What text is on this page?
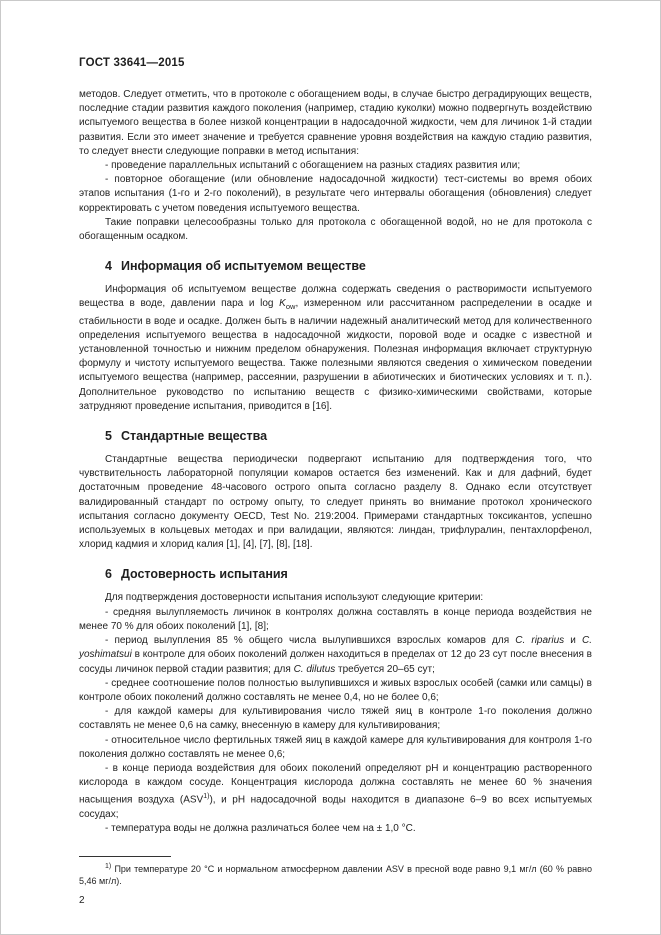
ГОСТ 33641—2015

методов. Следует отметить, что в протоколе с обогащением воды, в случае быстро деградирующих веществ, последние стадии развития каждого поколения (например, стадию куколки) можно подвергнуть воздействию испытуемого вещества в более низкой концентрации в надосадочной жидкости, чем для личинок 1-й стадии развития. Если это имеет значение и требуется сравнение уровня воздействия на каждую стадию развития, то следует внести следующие поправки в метод испытания:

- проведение параллельных испытаний с обогащением на разных стадиях развития или;

- повторное обогащение (или обновление надосадочной жидкости) тест-системы во время обоих этапов испытания (1-го и 2-го поколений), в результате чего интервалы обогащения (обновления) следует корректировать с учетом поведения испытуемого вещества.

Такие поправки целесообразны только для протокола с обогащенной водой, но не для протокола с обогащенным осадком.

4 Информация об испытуемом веществе

Информация об испытуемом веществе должна содержать сведения о растворимости испытуемого вещества в воде, давлении пара и $\log K_{ow}$, измеренном или рассчитанном распределении в осадке и стабильности в воде и осадке. Должен быть в наличии надежный аналитический метод для количественного определения испытуемого вещества в надосадочной жидкости, поровой воде и осадке с известной и установленной точностью и нижним пределом обнаружения. Полезная информация включает структурную формулу и чистоту испытуемого вещества. Также полезными являются сведения о химическом поведении испытуемого вещества (например, рассеянии, разрушении в абиотических и биотических условиях и т. п.). Дополнительное руководство по испытанию веществ с физико-химическими свойствами, которые затрудняют проведение испытания, приводится в [16].

5 Стандартные вещества

Стандартные вещества периодически подвергают испытанию для подтверждения того, что чувствительность лабораторной популяции комаров остается без изменений. Как и для дафний, будет достаточным проведение 48-часового острого опыта согласно разделу 8. Однако если отсутствует валидированный стандарт по острому опыту, то следует принять во внимание протокол хронического испытания согласно документу OECD, Test No. 219:2004. Примерами стандартных токсикантов, успешно используемых в кольцевых методах и при валидации, являются: линдан, трифлуралин, пентахлорфенол, хлорид кадмия и хлорид калия [1], [4], [7], [8], [18].

6 Достоверность испытания

Для подтверждения достоверности испытания используют следующие критерии:

- средняя вылупляемость личинок в контролях должна составлять в конце периода воздействия не менее 70 % для обоих поколений [1], [8];

- период вылупления 85 % общего числа вылупившихся взрослых комаров для C. riparius и C. yoshimatsui в контроле для обоих поколений должен находиться в пределах от 12 до 23 сут после внесения в сосуды личинок первой стадии развития; для C. dilutus требуется 20–65 сут;

- среднее соотношение полов полностью вылупившихся и живых взрослых особей (самки или самцы) в контроле обоих поколений должно составлять не менее 0,4, но не более 0,6;

- для каждой камеры для культивирования число тяжей яиц в контроле 1-го поколения должно составлять не менее 0,6 на самку, внесенную в камеру для культивирования;

- относительное число фертильных тяжей яиц в каждой камере для культивирования для контроля 1-го поколения должно составлять не менее 0,6;

- в конце периода воздействия для обоих поколений определяют pH и концентрацию растворенного кислорода в каждом сосуде. Концентрация кислорода должна составлять не менее 60 % значения насыщения воздуха (ASV$^{1)}$), и pH надосадочной воды находится в диапазоне 6–9 во всех испытуемых сосудах;

- температура воды не должна различаться более чем на ± 1,0 °C.

$^{1)}$ При температуре 20 °C и нормальном атмосферном давлении ASV в пресной воде равно 9,1 мг/л (60 % равно 5,46 мг/л).

2
